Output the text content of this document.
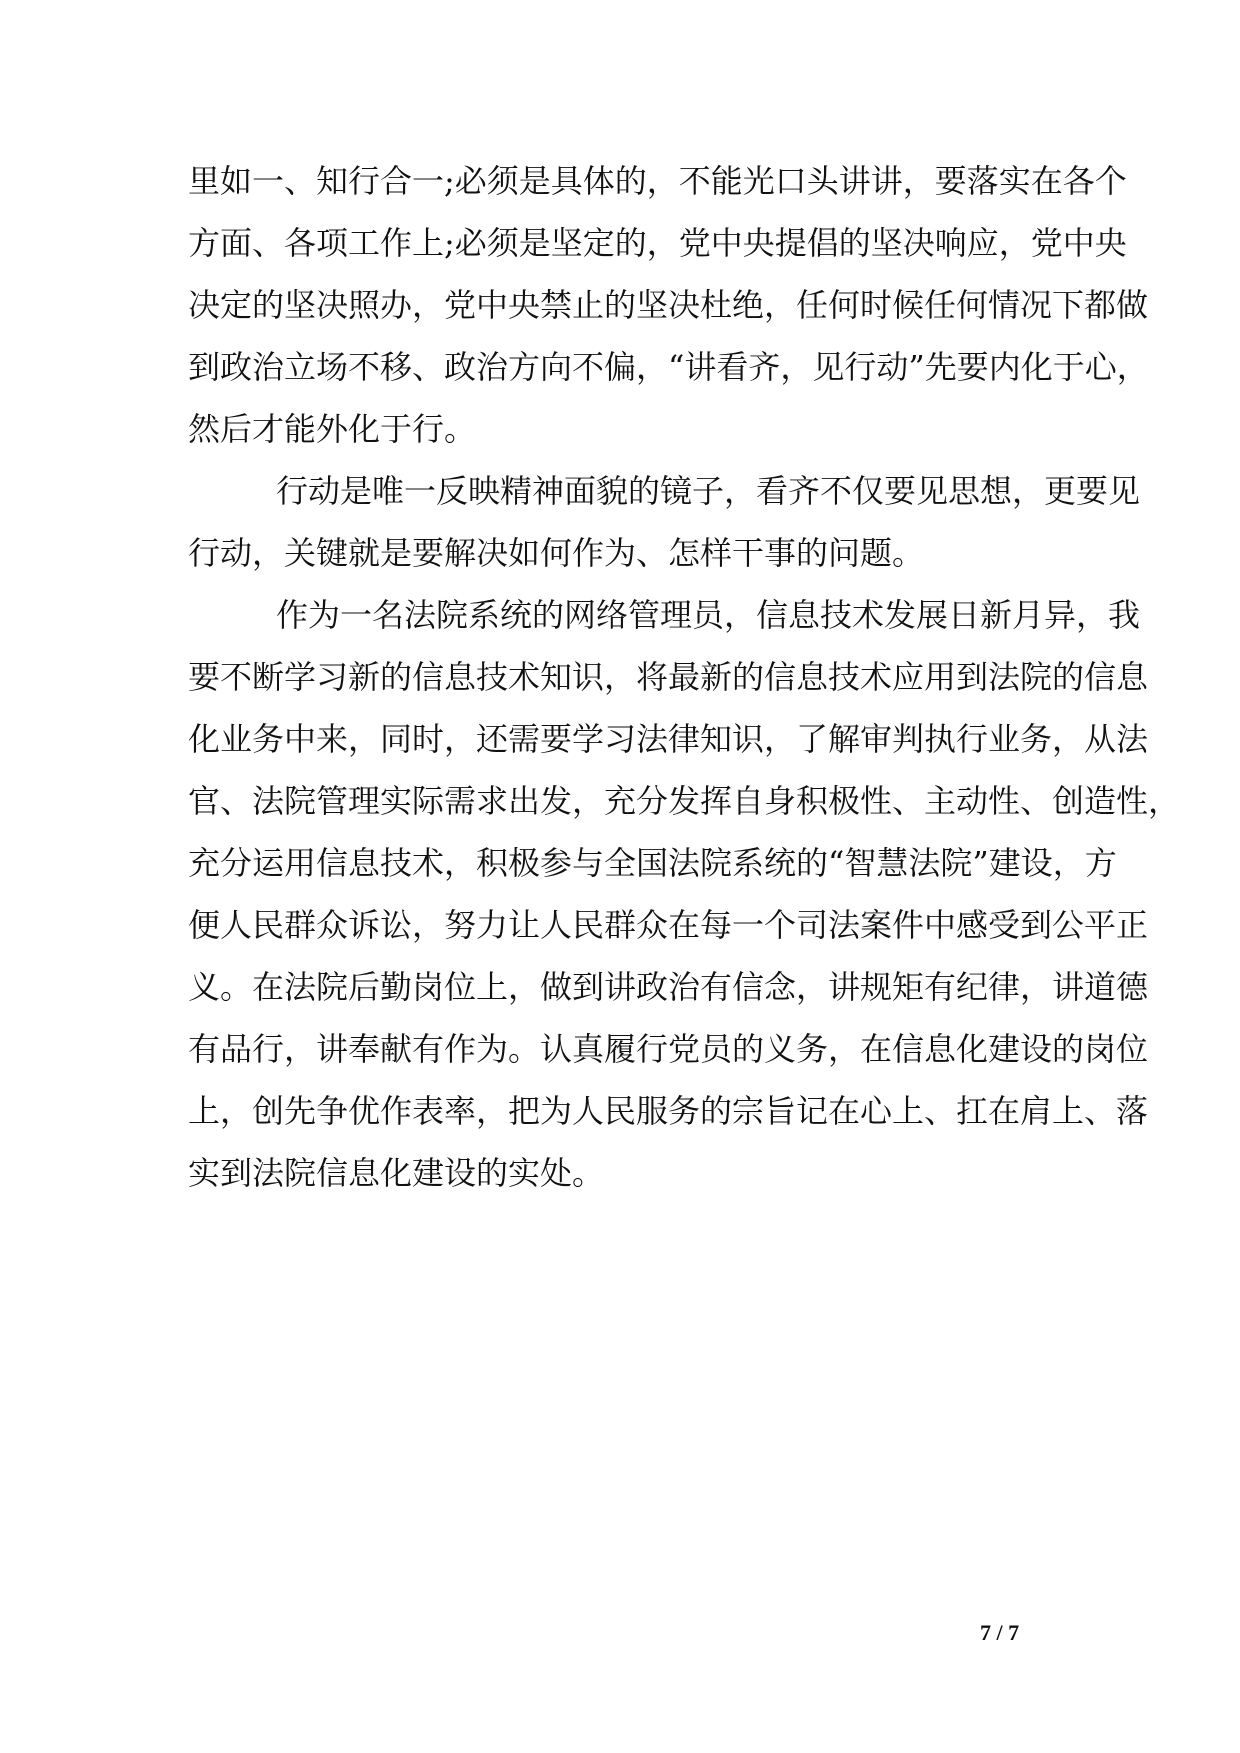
里如一、知行合一;必须是具体的，不能光口头讲讲，要落实在各个
方面、各项工作上;必须是坚定的，党中央提倡的坚决响应，党中央
决定的坚决照办，党中央禁止的坚决杜绝，任何时候任何情况下都做
到政治立场不移、政治方向不偏，“讲看齐，见行动”先要内化于心，
然后才能外化于行。
行动是唯一反映精神面貌的镜子，看齐不仅要见思想，更要见
行动，关键就是要解决如何作为、怎样干事的问题。
作为一名法院系统的网络管理员，信息技术发展日新月异，我
要不断学习新的信息技术知识，将最新的信息技术应用到法院的信息
化业务中来，同时，还需要学习法律知识，了解审判执行业务，从法
官、法院管理实际需求出发，充分发挥自身积极性、主动性、创造性，
充分运用信息技术，积极参与全国法院系统的“智慧法院”建设，方
便人民群众诉讼，努力让人民群众在每一个司法案件中感受到公平正
义。在法院后勤岗位上，做到讲政治有信念，讲规矩有纪律，讲道德
有品行，讲奉献有作为。认真履行党员的义务，在信息化建设的岗位
上，创先争优作表率，把为人民服务的宗旨记在心上、扛在肩上、落
实到法院信息化建设的实处。
7 / 7
